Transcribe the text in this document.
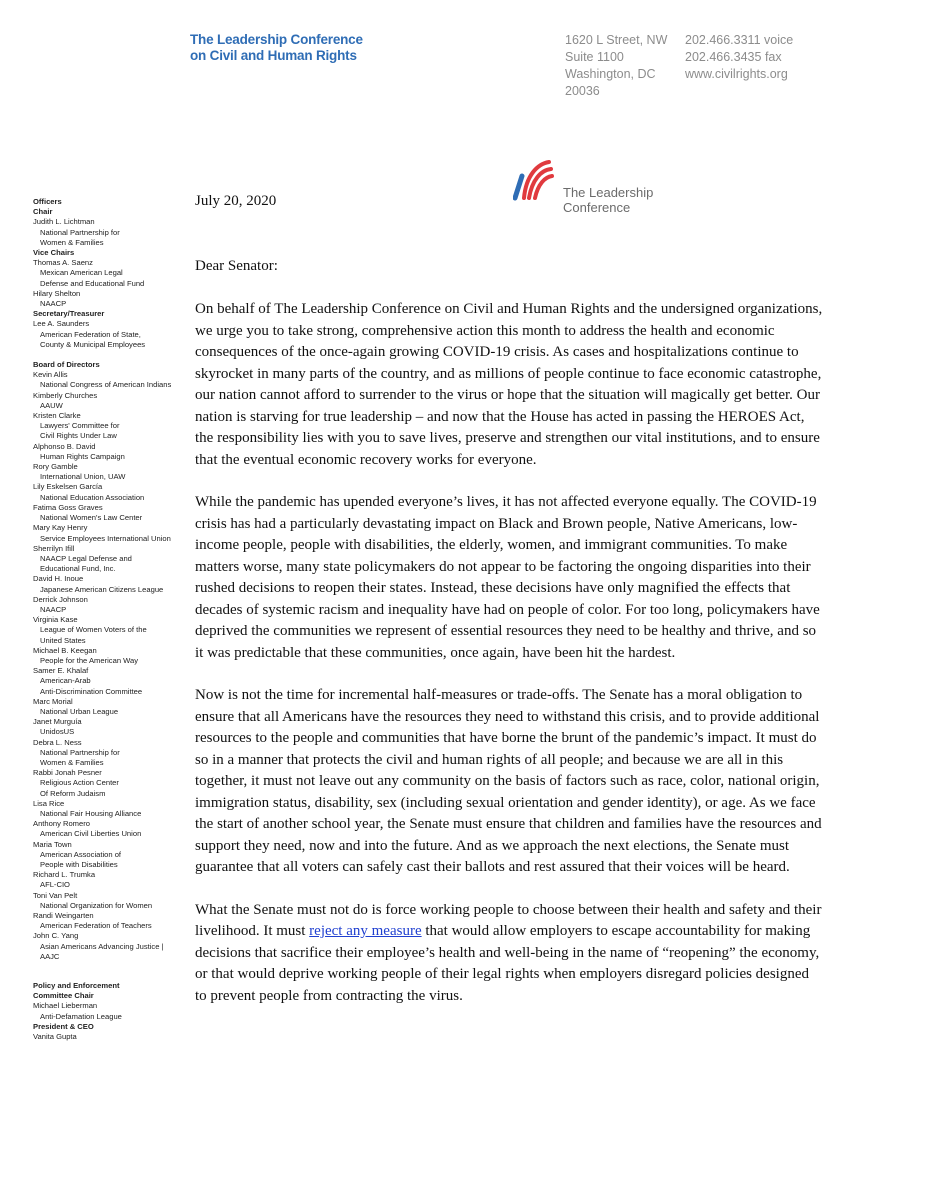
The Leadership Conference
on Civil and Human Rights
1620 L Street, NW
Suite 1100
Washington, DC
20036
202.466.3311 voice
202.466.3435 fax
www.civilrights.org
The Leadership
Conference
Officers
Chair
Judith L. Lichtman
National Partnership for
Women & Families
Vice Chairs
Thomas A. Saenz
Mexican American Legal
Defense and Educational Fund
Hilary Shelton
NAACP
Secretary/Treasurer
Lee A. Saunders
American Federation of State,
County & Municipal Employees
Board of Directors
Kevin Allis
National Congress of American Indians
Kimberly Churches
AAUW
Kristen Clarke
Lawyers' Committee for
Civil Rights Under Law
Alphonso B. David
Human Rights Campaign
Rory Gamble
International Union, UAW
Lily Eskelsen García
National Education Association
Fatima Goss Graves
National Women's Law Center
Mary Kay Henry
Service Employees International Union
Sherrilyn Ifill
NAACP Legal Defense and
Educational Fund, Inc.
David H. Inoue
Japanese American Citizens League
Derrick Johnson
NAACP
Virginia Kase
League of Women Voters of the
United States
Michael B. Keegan
People for the American Way
Samer E. Khalaf
American-Arab
Anti-Discrimination Committee
Marc Morial
National Urban League
Janet Murguía
UnidosUS
Debra L. Ness
National Partnership for
Women & Families
Rabbi Jonah Pesner
Religious Action Center
Of Reform Judaism
Lisa Rice
National Fair Housing Alliance
Anthony Romero
American Civil Liberties Union
Maria Town
American Association of
People with Disabilities
Richard L. Trumka
AFL-CIO
Toni Van Pelt
National Organization for Women
Randi Weingarten
American Federation of Teachers
John C. Yang
Asian Americans Advancing Justice |
AAJC
Policy and Enforcement
Committee Chair
Michael Lieberman
Anti-Defamation League
President & CEO
Vanita Gupta
July 20, 2020
Dear Senator:

On behalf of The Leadership Conference on Civil and Human Rights and the undersigned organizations, we urge you to take strong, comprehensive action this month to address the health and economic consequences of the once-again growing COVID-19 crisis. As cases and hospitalizations continue to skyrocket in many parts of the country, and as millions of people continue to face economic catastrophe, our nation cannot afford to surrender to the virus or hope that the situation will magically get better. Our nation is starving for true leadership – and now that the House has acted in passing the HEROES Act, the responsibility lies with you to save lives, preserve and strengthen our vital institutions, and to ensure that the eventual economic recovery works for everyone.

While the pandemic has upended everyone’s lives, it has not affected everyone equally. The COVID-19 crisis has had a particularly devastating impact on Black and Brown people, Native Americans, low-income people, people with disabilities, the elderly, women, and immigrant communities. To make matters worse, many state policymakers do not appear to be factoring the ongoing disparities into their rushed decisions to reopen their states. Instead, these decisions have only magnified the effects that decades of systemic racism and inequality have had on people of color. For too long, policymakers have deprived the communities we represent of essential resources they need to be healthy and thrive, and so it was predictable that these communities, once again, have been hit the hardest.

Now is not the time for incremental half-measures or trade-offs. The Senate has a moral obligation to ensure that all Americans have the resources they need to withstand this crisis, and to provide additional resources to the people and communities that have borne the brunt of the pandemic’s impact. It must do so in a manner that protects the civil and human rights of all people; and because we are all in this together, it must not leave out any community on the basis of factors such as race, color, national origin, immigration status, disability, sex (including sexual orientation and gender identity), or age. As we face the start of another school year, the Senate must ensure that children and families have the resources and support they need, now and into the future. And as we approach the next elections, the Senate must guarantee that all voters can safely cast their ballots and rest assured that their voices will be heard.

What the Senate must not do is force working people to choose between their health and safety and their livelihood. It must reject any measure that would allow employers to escape accountability for making decisions that sacrifice their employee’s health and well-being in the name of “reopening” the economy, or that would deprive working people of their legal rights when employers disregard policies designed to prevent people from contracting the virus.
